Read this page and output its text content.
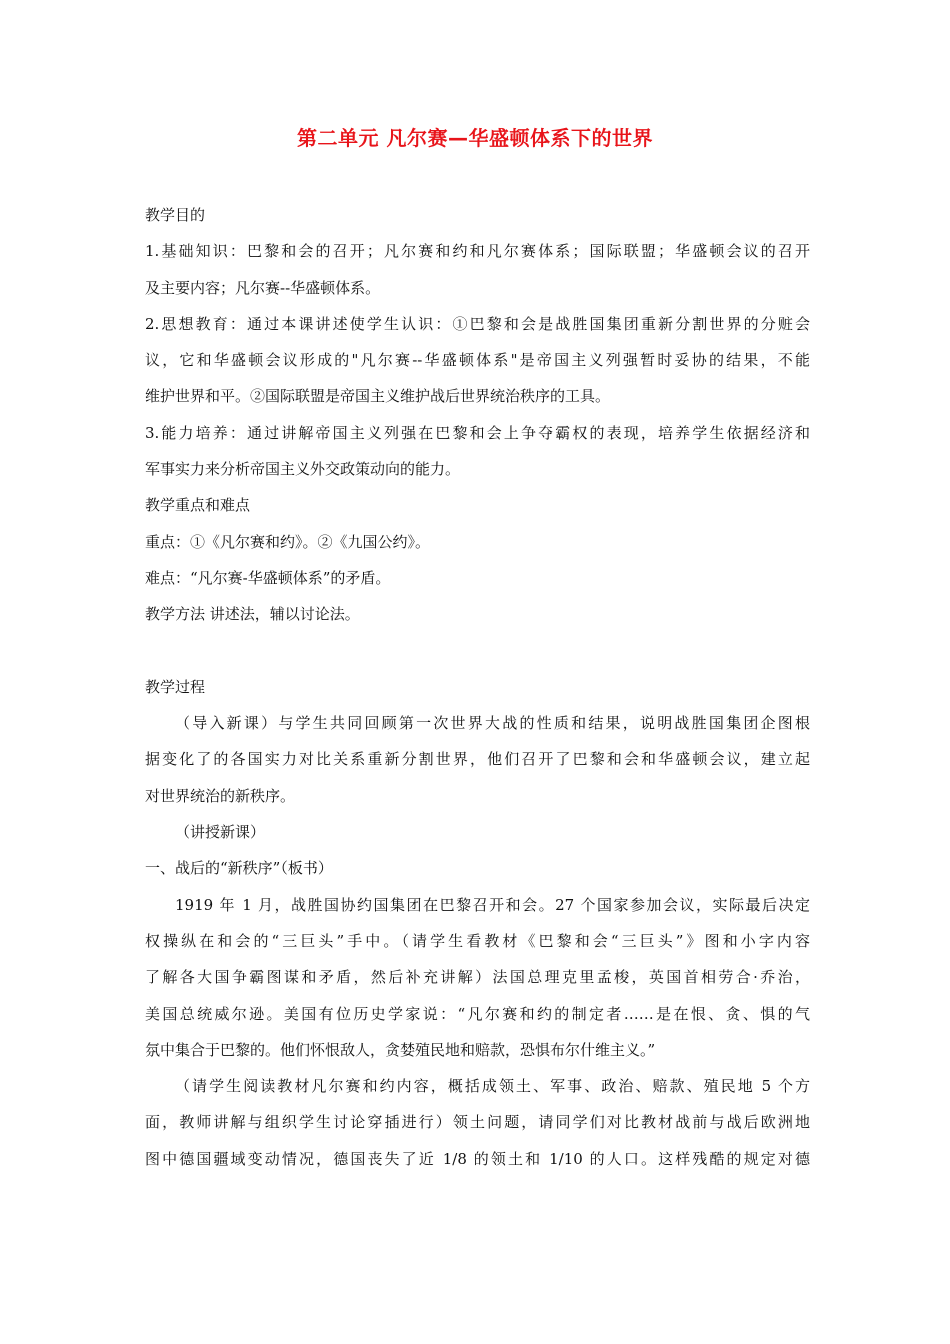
第二单元 凡尔赛—华盛顿体系下的世界
教学目的
1.基础知识：巴黎和会的召开；凡尔赛和约和凡尔赛体系；国际联盟；华盛顿会议的召开
及主要内容；凡尔赛--华盛顿体系。
2.思想教育：通过本课讲述使学生认识：①巴黎和会是战胜国集团重新分割世界的分赃会
议，它和华盛顿会议形成的"凡尔赛--华盛顿体系"是帝国主义列强暂时妥协的结果，不能
维护世界和平。②国际联盟是帝国主义维护战后世界统治秩序的工具。
3.能力培养：通过讲解帝国主义列强在巴黎和会上争夺霸权的表现，培养学生依据经济和
军事实力来分析帝国主义外交政策动向的能力。
教学重点和难点
重点：①《凡尔赛和约》。②《九国公约》。
难点：“凡尔赛-华盛顿体系”的矛盾。
教学方法 讲述法，辅以讨论法。
教学过程
（导入新课）与学生共同回顾第一次世界大战的性质和结果，说明战胜国集团企图根
据变化了的各国实力对比关系重新分割世界，他们召开了巴黎和会和华盛顿会议，建立起
对世界统治的新秩序。
（讲授新课）
一、战后的“新秩序”（板书）
1919 年 1 月，战胜国协约国集团在巴黎召开和会。27 个国家参加会议，实际最后决定
权操纵在和会的“三巨头”手中。（请学生看教材《巴黎和会“三巨头”》图和小字内容
了解各大国争霸图谋和矛盾，然后补充讲解）法国总理克里孟梭，英国首相劳合·乔治，
美国总统威尔逊。美国有位历史学家说：“凡尔赛和约的制定者……是在恨、贪、惧的气
氛中集合于巴黎的。他们怀恨敌人，贪婪殖民地和赔款，恐惧布尔什维主义。”
（请学生阅读教材凡尔赛和约内容，概括成领土、军事、政治、赔款、殖民地 5 个方
面，教师讲解与组织学生讨论穿插进行）领土问题，请同学们对比教材战前与战后欧洲地
图中德国疆域变动情况，德国丧失了近 1/8 的领土和 1/10 的人口。这样残酷的规定对德
